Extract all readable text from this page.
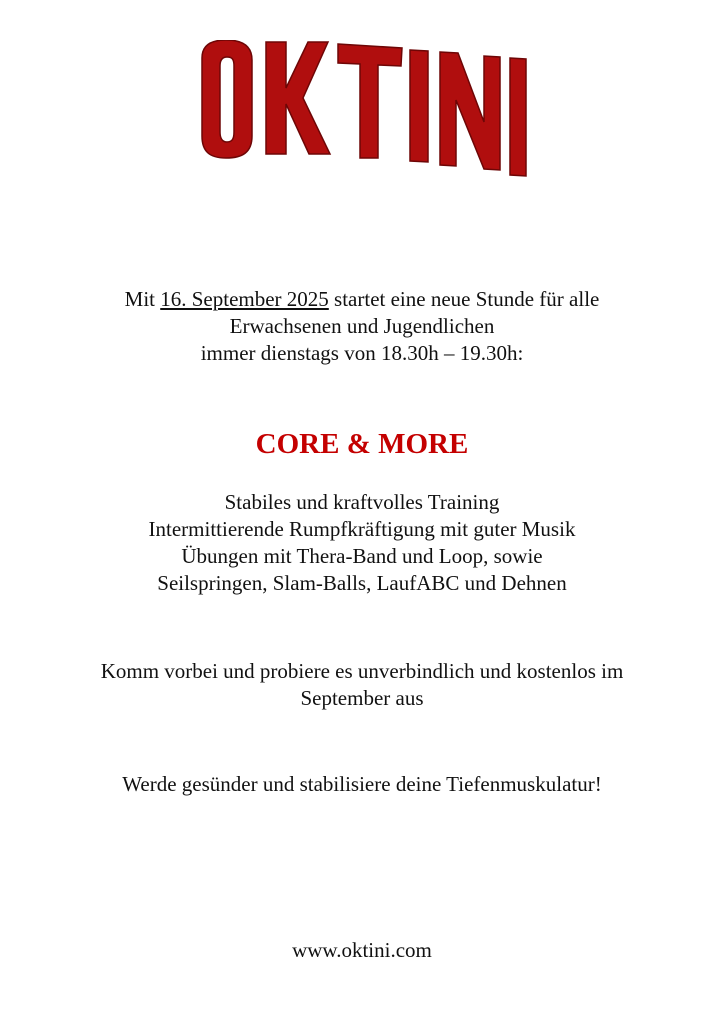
Mit 16. September 2025 startet eine neue Stunde für alle

Erwachsenen und Jugendlichen

immer dienstags von 18.30h – 19.30h:

CORE & MORE

Stabiles und kraftvolles Training

Intermittierende Rumpfkräftigung mit guter Musik

Übungen mit Thera-Band und Loop, sowie

Seilspringen, Slam-Balls, LaufABC und Dehnen

Komm vorbei und probiere es unverbindlich und kostenlos im

September aus

Werde gesünder und stabilisiere deine Tiefenmuskulatur!
www.oktini.com
